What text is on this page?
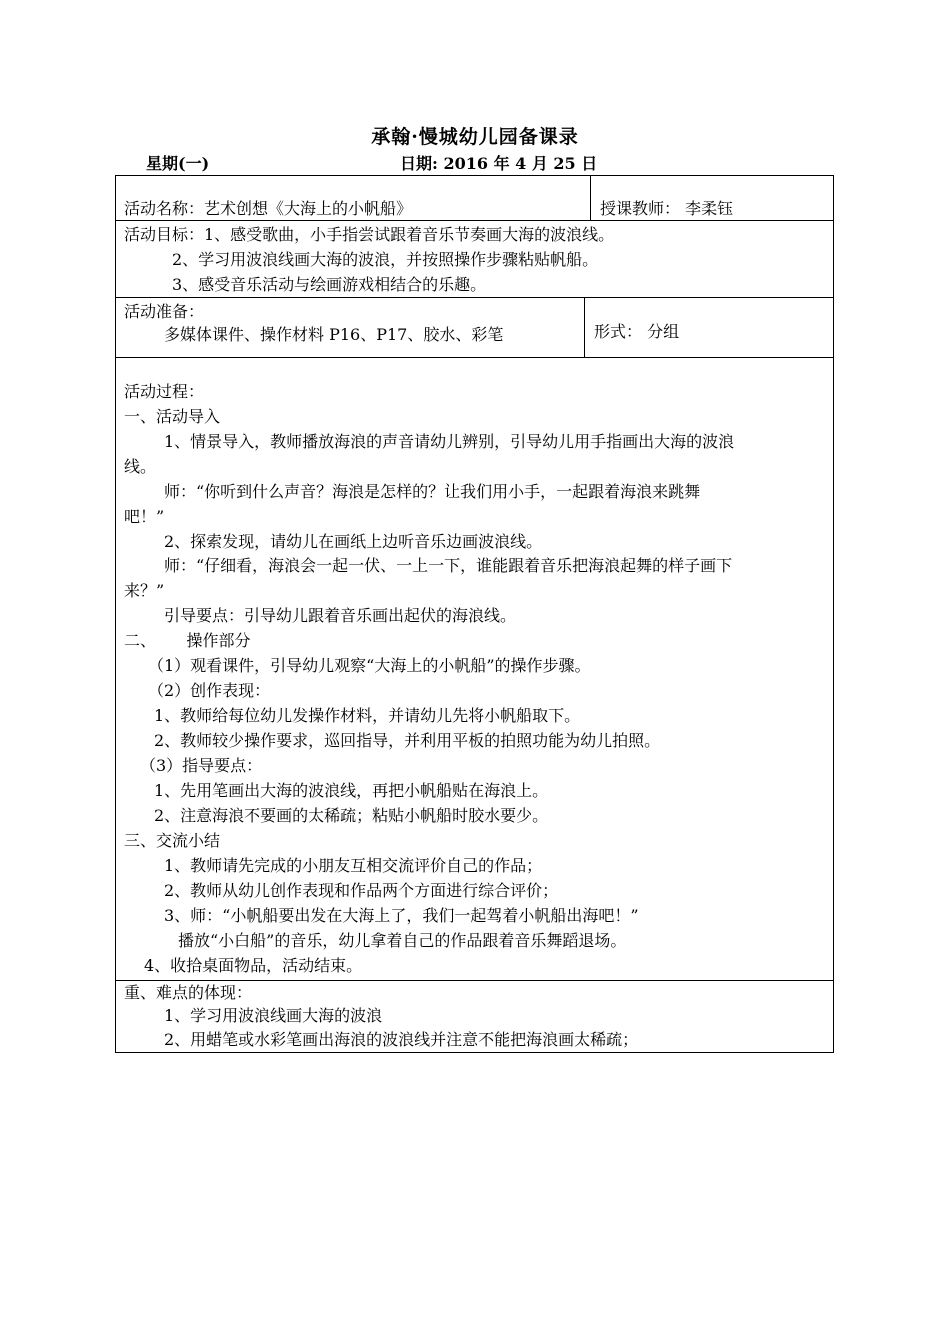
承翰·慢城幼儿园备课录
星期(一)	日期: 2016 年 4 月 25 日
活动名称：艺术创想《大海上的小帆船》	授课教师： 李柔钰
活动目标：1、感受歌曲，小手指尝试跟着音乐节奏画大海的波浪线。
2、学习用波浪线画大海的波浪，并按照操作步骤粘贴帆船。
3、感受音乐活动与绘画游戏相结合的乐趣。
活动准备：
多媒体课件、操作材料 P16、P17、胶水、彩笔	形式： 分组
活动过程：
一、活动导入
1、情景导入，教师播放海浪的声音请幼儿辨别，引导幼儿用手指画出大海的波浪
线。
师：“你听到什么声音？海浪是怎样的？让我们用小手，一起跟着海浪来跳舞
吧！”
2、探索发现，请幼儿在画纸上边听音乐边画波浪线。
师：“仔细看，海浪会一起一伏、一上一下，谁能跟着音乐把海浪起舞的样子画下
来？”
引导要点：引导幼儿跟着音乐画出起伏的海浪线。
二、      操作部分
（1）观看课件，引导幼儿观察“大海上的小帆船”的操作步骤。
（2）创作表现：
1、教师给每位幼儿发操作材料，并请幼儿先将小帆船取下。
2、教师较少操作要求，巡回指导，并利用平板的拍照功能为幼儿拍照。
（3）指导要点：
1、先用笔画出大海的波浪线，再把小帆船贴在海浪上。
2、注意海浪不要画的太稀疏；粘贴小帆船时胶水要少。
三、交流小结
1、教师请先完成的小朋友互相交流评价自己的作品；
2、教师从幼儿创作表现和作品两个方面进行综合评价；
3、师：“小帆船要出发在大海上了，我们一起驾着小帆船出海吧！”
播放“小白船”的音乐，幼儿拿着自己的作品跟着音乐舞蹈退场。
4、收拾桌面物品，活动结束。
重、难点的体现：
1、学习用波浪线画大海的波浪
2、用蜡笔或水彩笔画出海浪的波浪线并注意不能把海浪画太稀疏；
